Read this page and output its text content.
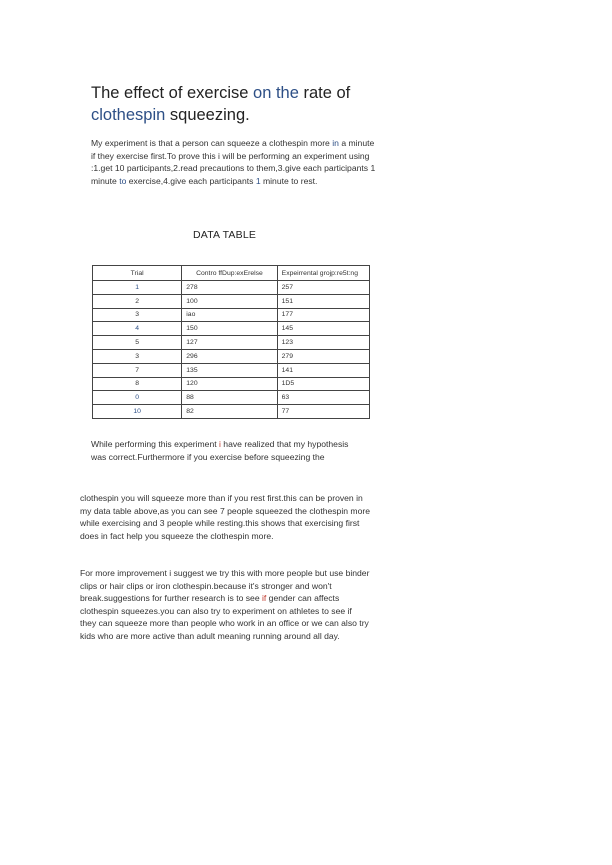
The effect of exercise on the rate of
clothespin squeezing.

My experiment is that a person can squeeze a clothespin more in a minute if they exercise first.To prove this i will be performing an experiment using :1.get 10 participants,2.read precautions to them,3.give each participants 1 minute to exercise,4.give each participants 1 minute to rest.

DATA TABLE

Trial	Contro ffDup:exErelse	Expeirrental grojp:re5t:ng
1	278	257
2	100	151
3	iao	177
4	150	145
5	127	123
3	296	279
7	135	141
8	120	1D5
0	88	63
10	82	77

While performing this experiment i have realized that my hypothesis was correct.Furthermore if you exercise before squeezing the

clothespin you will squeeze more than if you rest first.this can be proven in my data table above,as you can see 7 people squeezed the clothespin more while exercising and 3 people while resting.this shows that exercising first does in fact help you squeeze the clothespin more.

For more improvement i suggest we try this with more people but use binder clips or hair clips or iron clothespin.because it's stronger and won't break.suggestions for further research is to see if gender can affects clothespin squeezes.you can also try to experiment on athletes to see if they can squeeze more than people who work in an office or we can also try kids who are more active than adult meaning running around all day.
